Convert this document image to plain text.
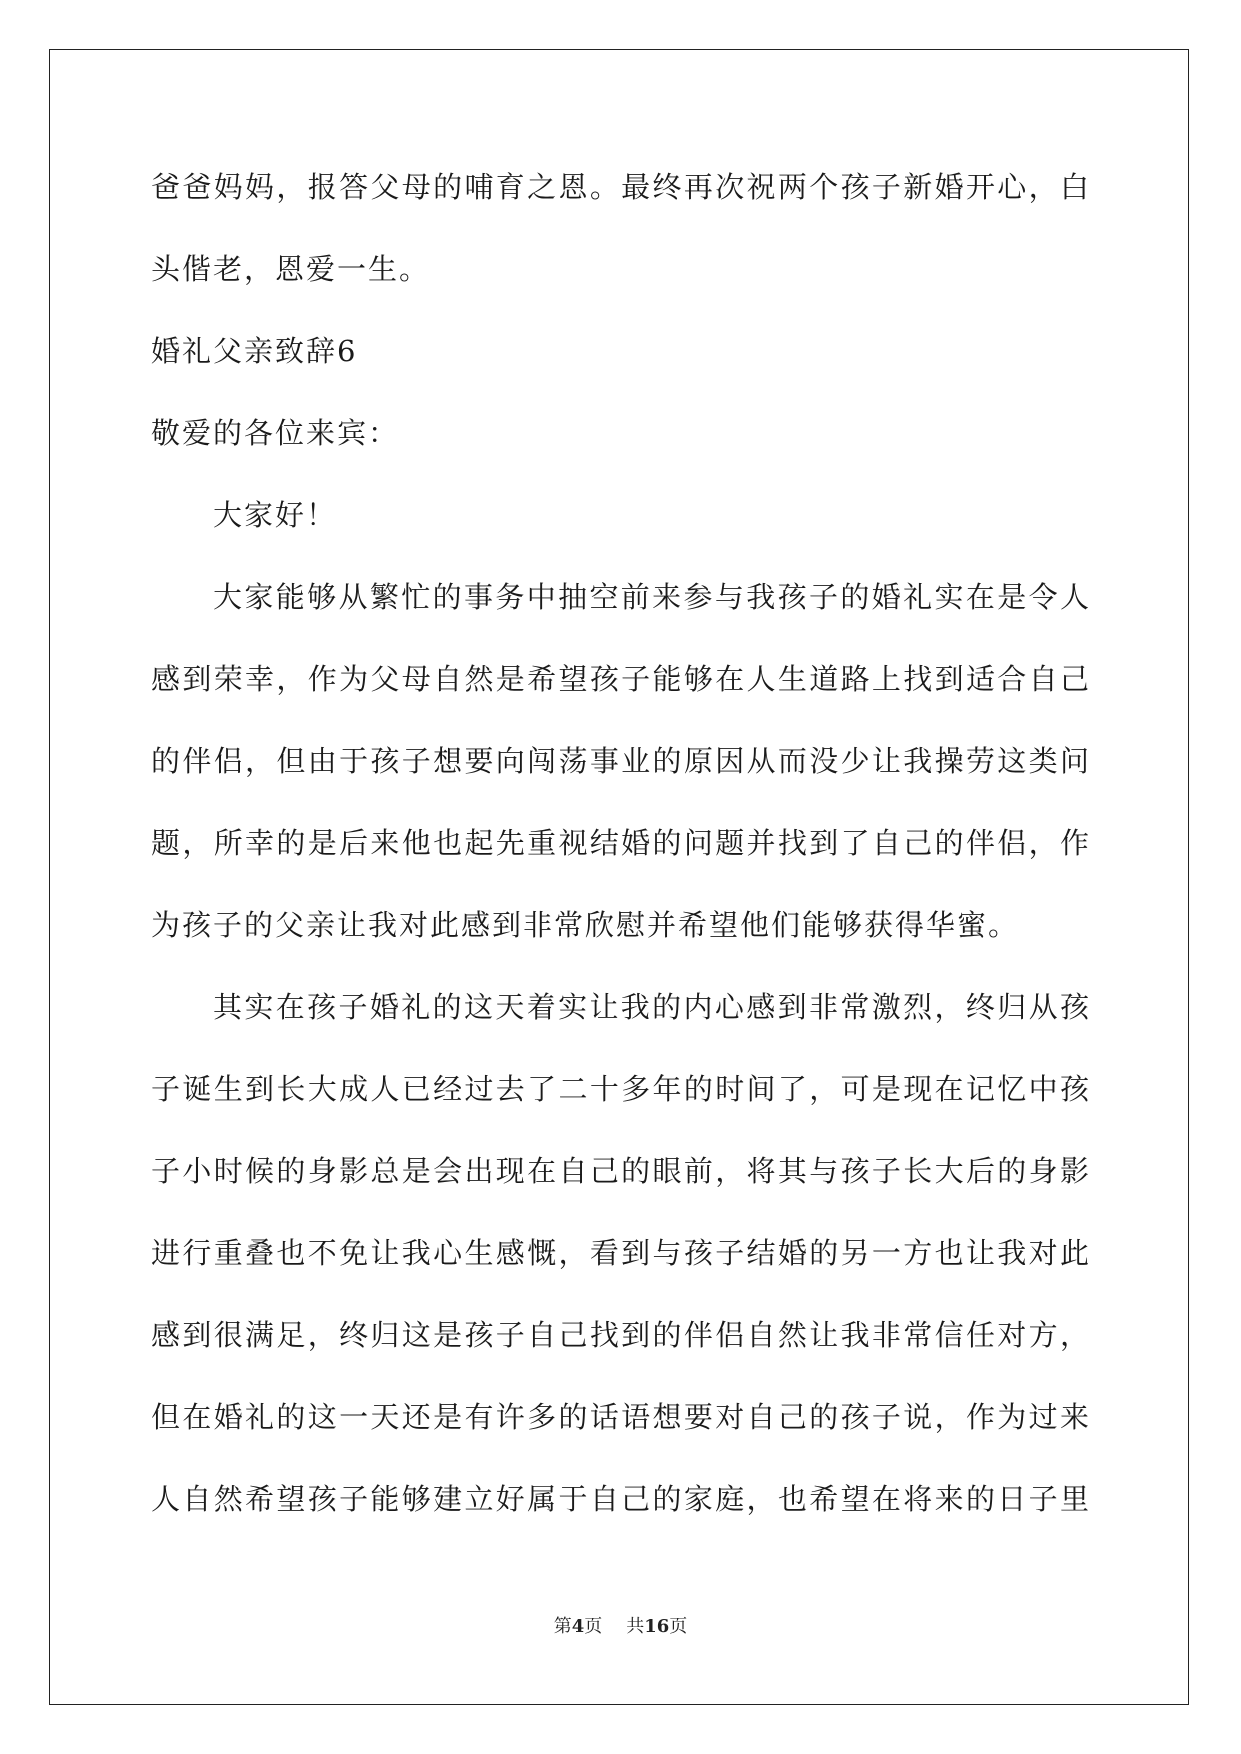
爸爸妈妈，报答父母的哺育之恩。最终再次祝两个孩子新婚开心，白
头偕老，恩爱一生。
婚礼父亲致辞6
敬爱的各位来宾：
大家好！
大家能够从繁忙的事务中抽空前来参与我孩子的婚礼实在是令人
感到荣幸，作为父母自然是希望孩子能够在人生道路上找到适合自己
的伴侣，但由于孩子想要向闯荡事业的原因从而没少让我操劳这类问
题，所幸的是后来他也起先重视结婚的问题并找到了自己的伴侣，作
为孩子的父亲让我对此感到非常欣慰并希望他们能够获得华蜜。
其实在孩子婚礼的这天着实让我的内心感到非常激烈，终归从孩
子诞生到长大成人已经过去了二十多年的时间了，可是现在记忆中孩
子小时候的身影总是会出现在自己的眼前，将其与孩子长大后的身影
进行重叠也不免让我心生感慨，看到与孩子结婚的另一方也让我对此
感到很满足，终归这是孩子自己找到的伴侣自然让我非常信任对方，
但在婚礼的这一天还是有许多的话语想要对自己的孩子说，作为过来
人自然希望孩子能够建立好属于自己的家庭，也希望在将来的日子里
第4页 共16页
